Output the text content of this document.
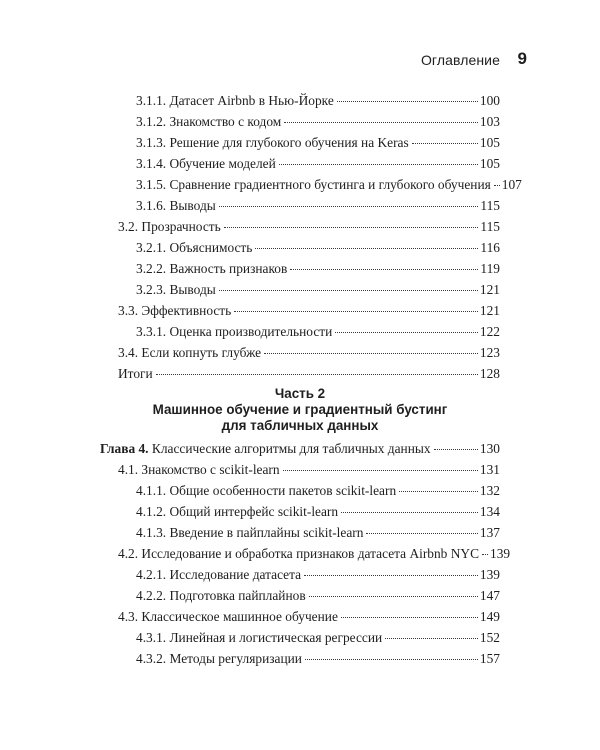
Оглавление 9
3.1.1. Датасет Airbnb в Нью-Йорке	100
3.1.2. Знакомство с кодом	103
3.1.3. Решение для глубокого обучения на Keras	105
3.1.4. Обучение моделей	105
3.1.5. Сравнение градиентного бустинга и глубокого обучения 107
3.1.6. Выводы	115
3.2. Прозрачность	115
3.2.1. Объяснимость	116
3.2.2. Важность признаков	119
3.2.3. Выводы	121
3.3. Эффективность	121
3.3.1. Оценка производительности	122
3.4. Если копнуть глубже	123
Итоги	128
Часть 2
Машинное обучение и градиентный бустинг
для табличных данных
Глава 4. Классические алгоритмы для табличных данных	130
4.1. Знакомство с scikit-learn	131
4.1.1. Общие особенности пакетов scikit-learn	132
4.1.2. Общий интерфейс scikit-learn	134
4.1.3. Введение в пайплайны scikit-learn	137
4.2. Исследование и обработка признаков датасета Airbnb NYC 139
4.2.1. Исследование датасета	139
4.2.2. Подготовка пайплайнов	147
4.3. Классическое машинное обучение	149
4.3.1. Линейная и логистическая регрессии	152
4.3.2. Методы регуляризации	157
